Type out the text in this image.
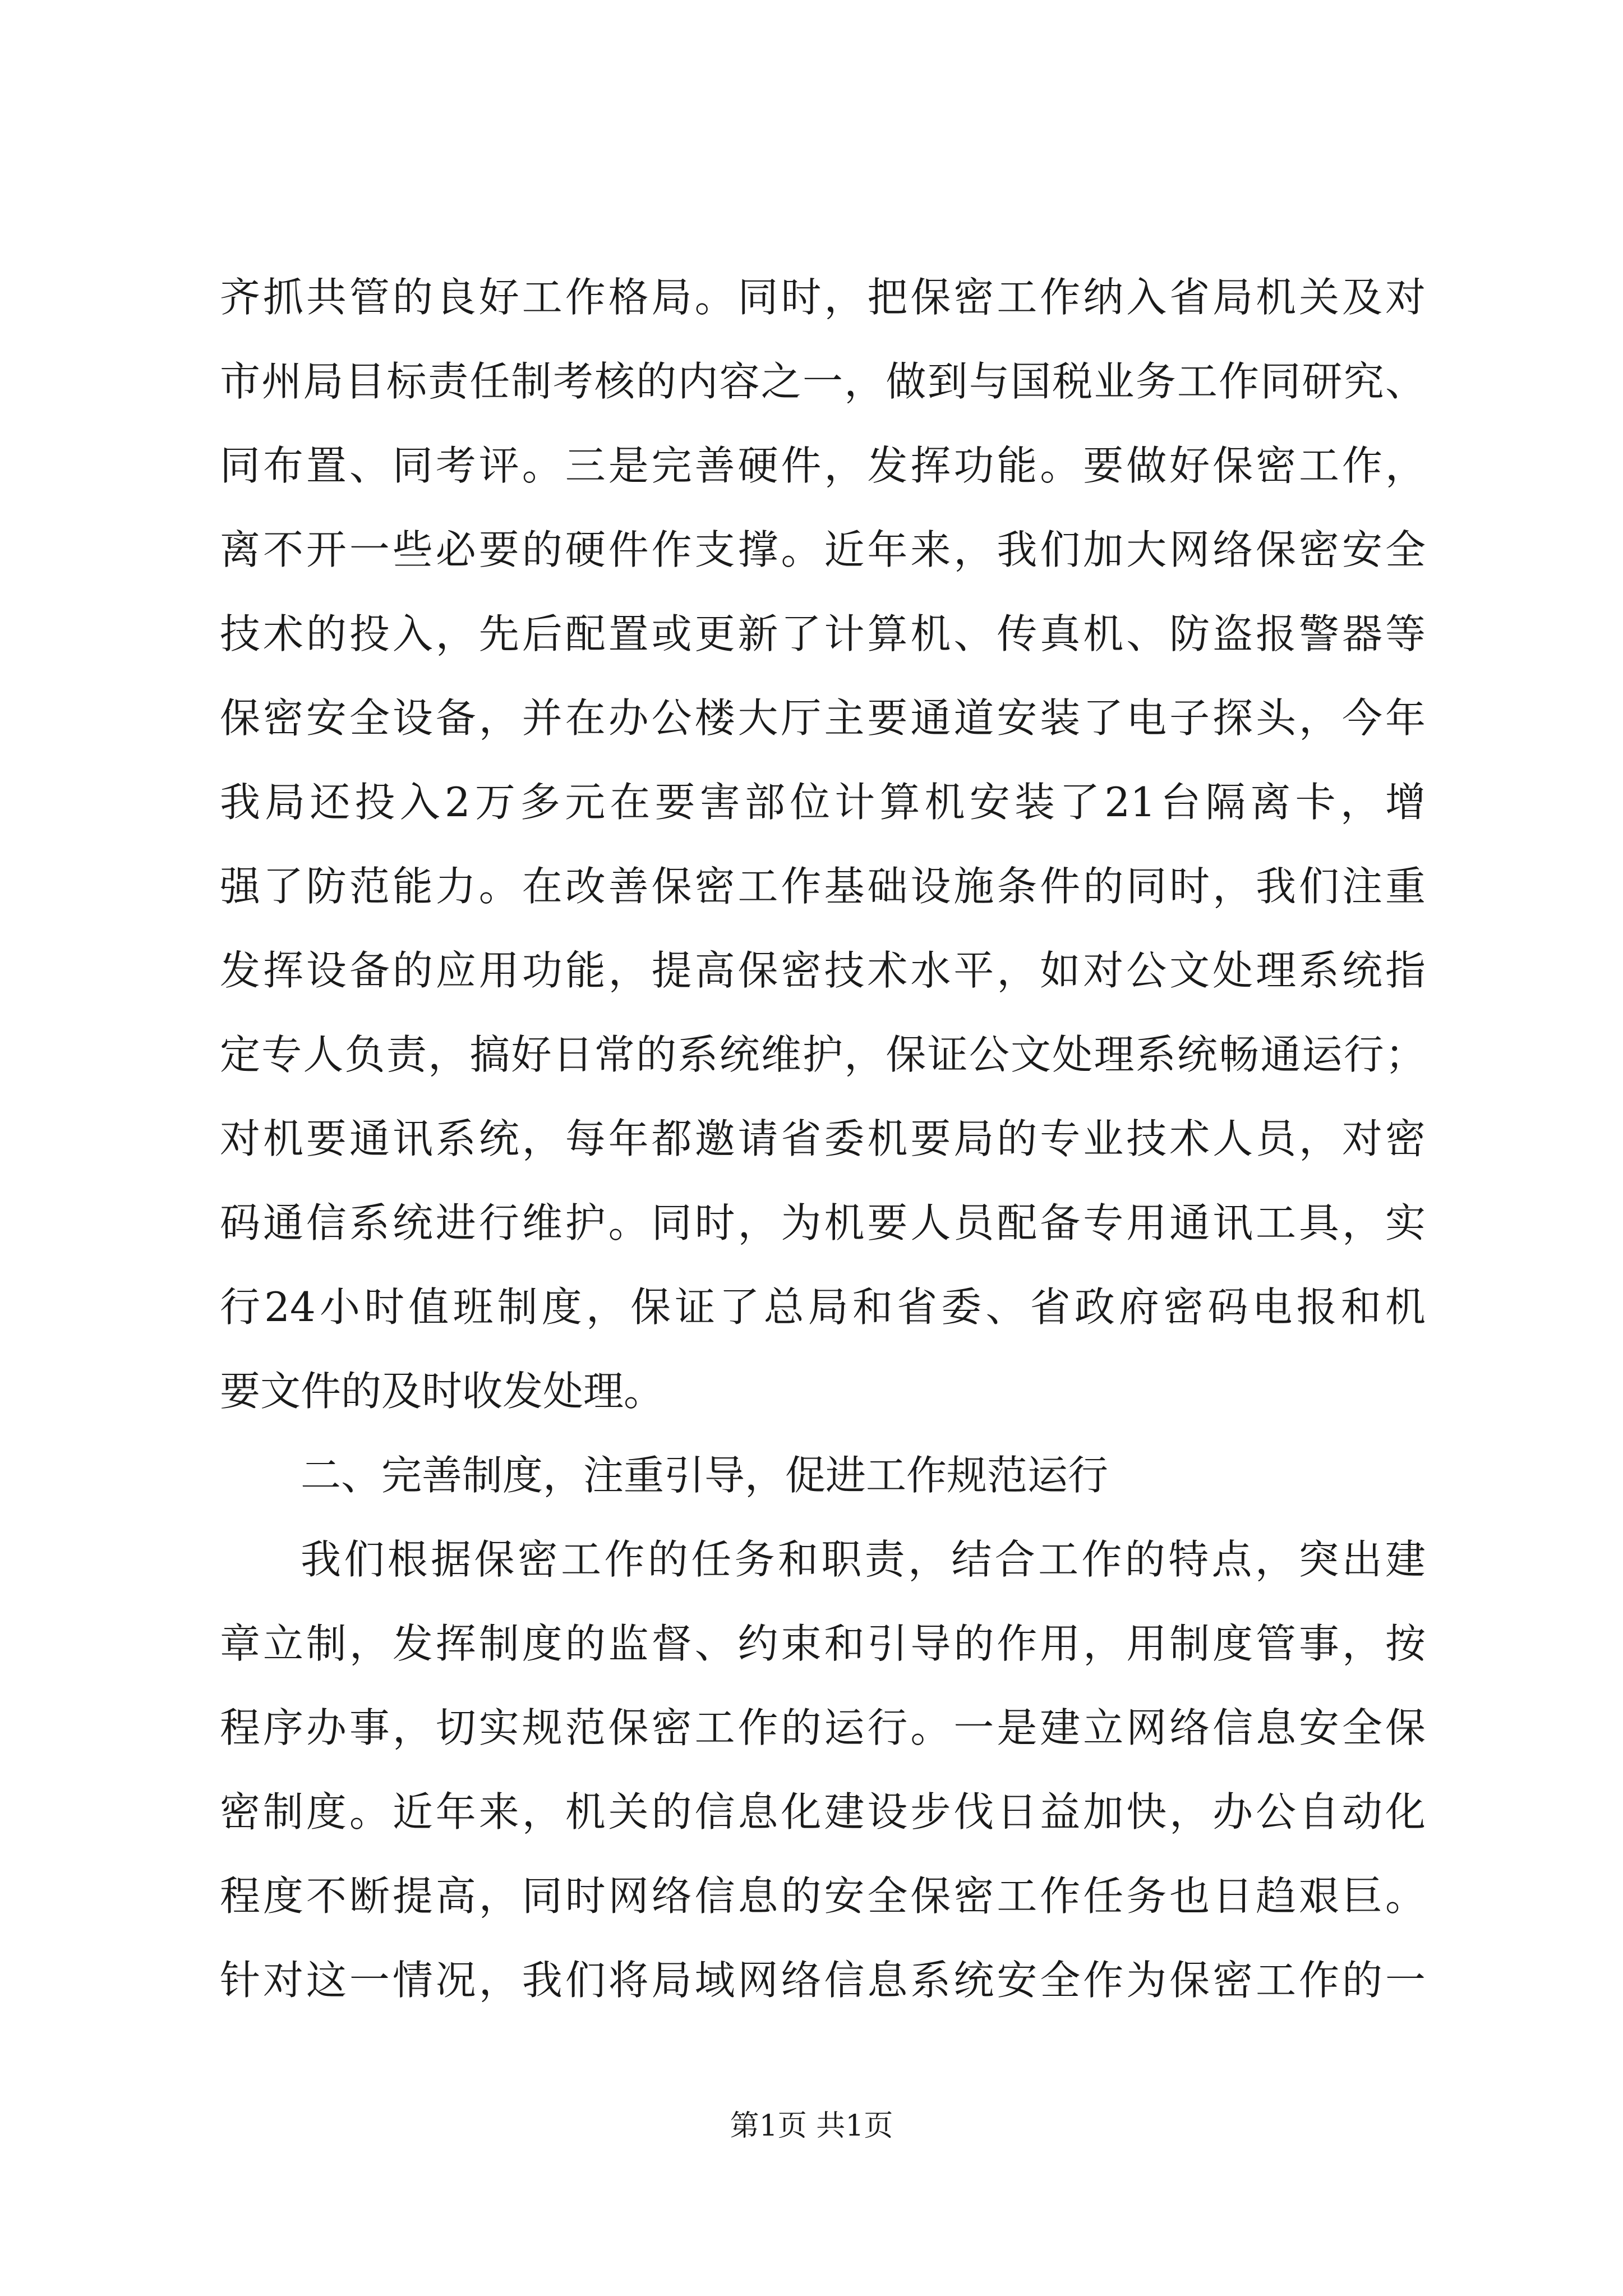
齐抓共管的良好工作格局。同时，把保密工作纳入省局机关及对
市州局目标责任制考核的内容之一，做到与国税业务工作同研究、
同布置、同考评。三是完善硬件，发挥功能。要做好保密工作，
离不开一些必要的硬件作支撑。近年来，我们加大网络保密安全
技术的投入，先后配置或更新了计算机、传真机、防盗报警器等
保密安全设备，并在办公楼大厅主要通道安装了电子探头，今年
我局还投入2万多元在要害部位计算机安装了21台隔离卡，增
强了防范能力。在改善保密工作基础设施条件的同时，我们注重
发挥设备的应用功能，提高保密技术水平，如对公文处理系统指
定专人负责，搞好日常的系统维护，保证公文处理系统畅通运行；
对机要通讯系统，每年都邀请省委机要局的专业技术人员，对密
码通信系统进行维护。同时，为机要人员配备专用通讯工具，实
行24小时值班制度，保证了总局和省委、省政府密码电报和机
要文件的及时收发处理。
二、完善制度，注重引导，促进工作规范运行
我们根据保密工作的任务和职责，结合工作的特点，突出建
章立制，发挥制度的监督、约束和引导的作用，用制度管事，按
程序办事，切实规范保密工作的运行。一是建立网络信息安全保
密制度。近年来，机关的信息化建设步伐日益加快，办公自动化
程度不断提高，同时网络信息的安全保密工作任务也日趋艰巨。
针对这一情况，我们将局域网络信息系统安全作为保密工作的一
第1页 共1页
